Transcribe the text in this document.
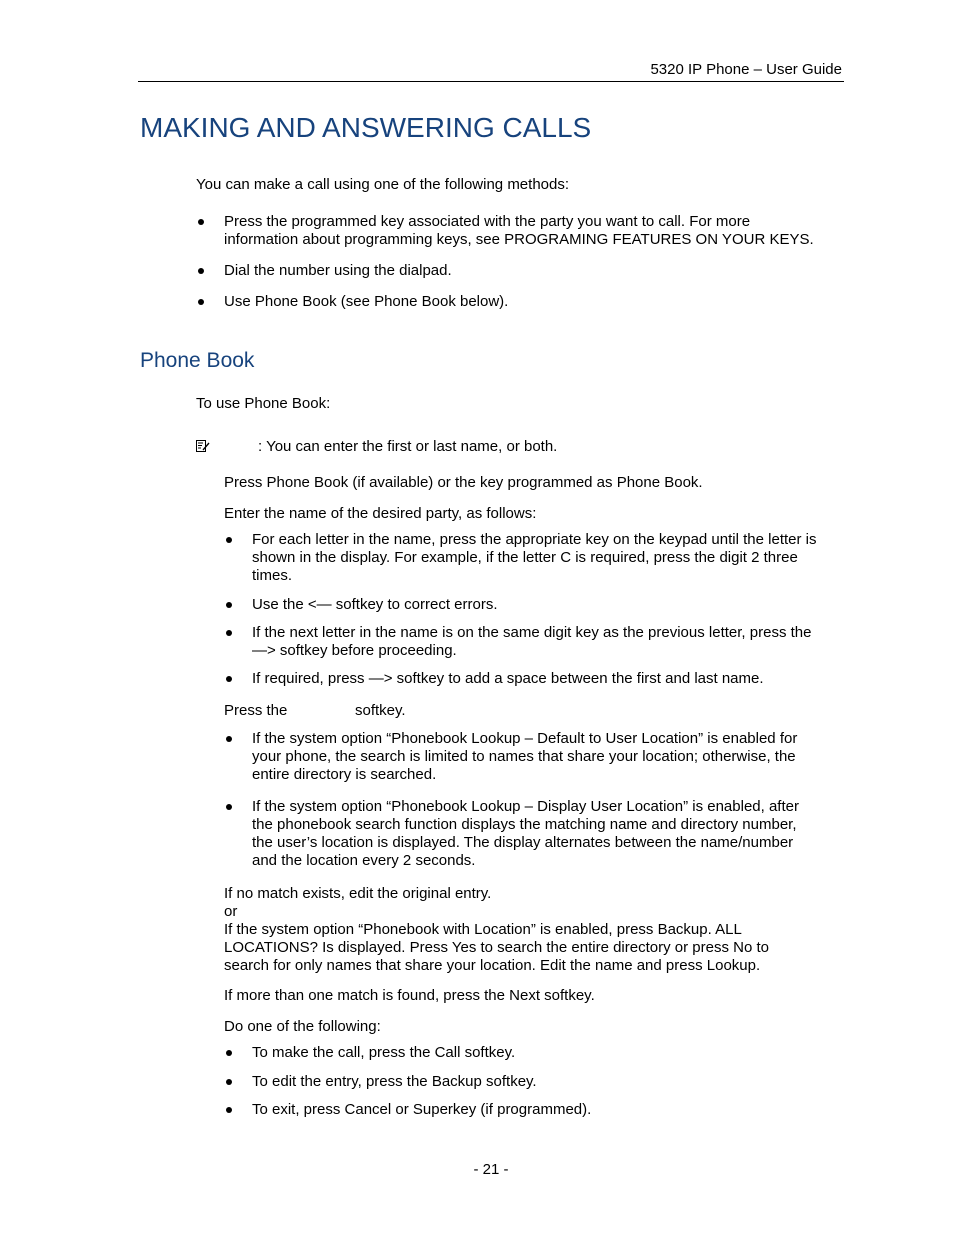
5320 IP Phone – User Guide
MAKING AND ANSWERING CALLS
You can make a call using one of the following methods:
Press the programmed key associated with the party you want to call. For more
information about programming keys, see PROGRAMING FEATURES ON YOUR KEYS.
Dial the number using the dialpad.
Use Phone Book (see Phone Book below).
Phone Book
To use Phone Book:
: You can enter the first or last name, or both.
Press Phone Book (if available) or the key programmed as Phone Book.
Enter the name of the desired party, as follows:
For each letter in the name, press the appropriate key on the keypad until the letter is
shown in the display. For example, if the letter C is required, press the digit 2 three
times.
Use the <— softkey to correct errors.
If the next letter in the name is on the same digit key as the previous letter, press the
—> softkey before proceeding.
If required, press —> softkey to add a space between the first and last name.
Press the	softkey.
If the system option “Phonebook Lookup – Default to User Location” is enabled for
your phone, the search is limited to names that share your location; otherwise, the
entire directory is searched.
If the system option “Phonebook Lookup – Display User Location” is enabled, after
the phonebook search function displays the matching name and directory number,
the user’s location is displayed. The display alternates between the name/number
and the location every 2 seconds.
If no match exists, edit the original entry.
or
If the system option “Phonebook with Location” is enabled, press Backup. ALL
LOCATIONS? Is displayed. Press Yes to search the entire directory or press No to
search for only names that share your location. Edit the name and press Lookup.
If more than one match is found, press the Next softkey.
Do one of the following:
To make the call, press the Call softkey.
To edit the entry, press the Backup softkey.
To exit, press Cancel or Superkey (if programmed).
- 21 -
